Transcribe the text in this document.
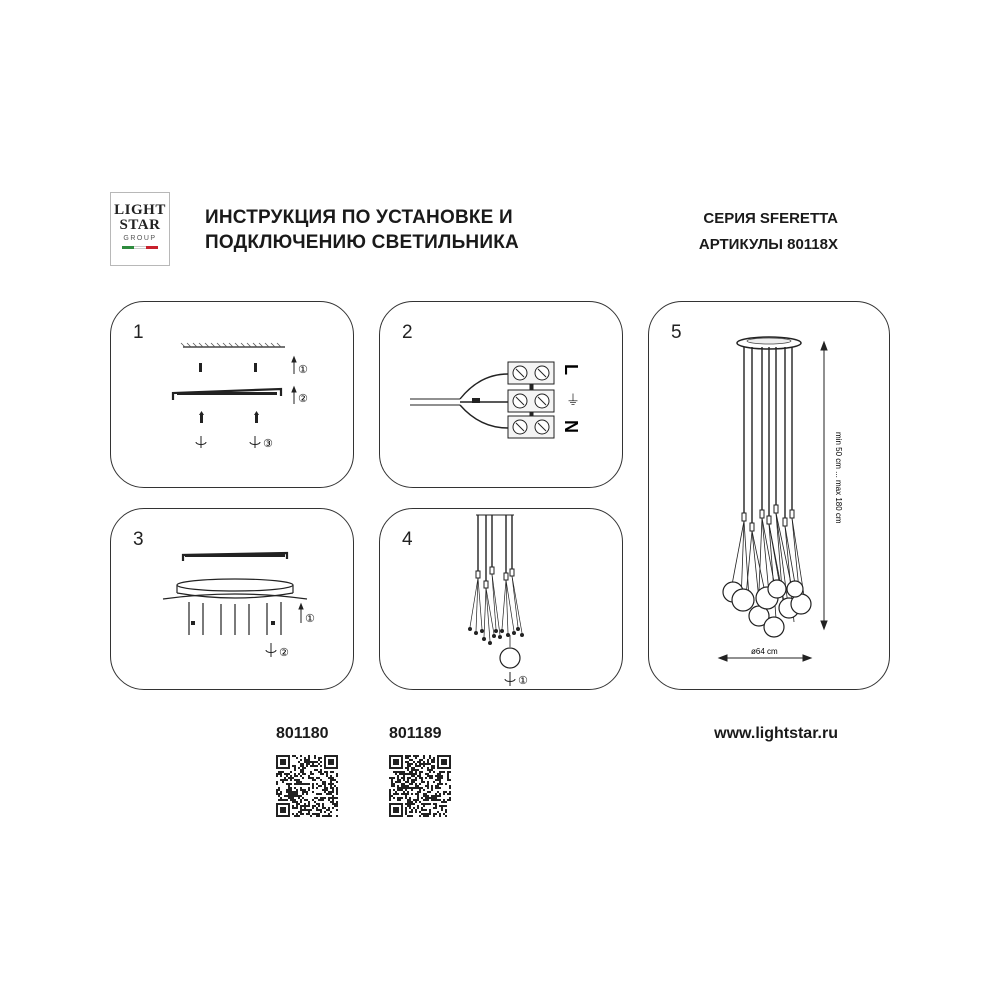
LIGHT
STAR
GROUP
ИНСТРУКЦИЯ ПО УСТАНОВКЕ И
ПОДКЛЮЧЕНИЮ СВЕТИЛЬНИКА
СЕРИЯ SFERETTA
АРТИКУЛЫ 80118X
1
①
②
③
2
L
⏚
N
5
min 50 cm ... max 180 cm
ø64 cm
3
①
②
4
①
801180	801189	www.lightstar.ru
